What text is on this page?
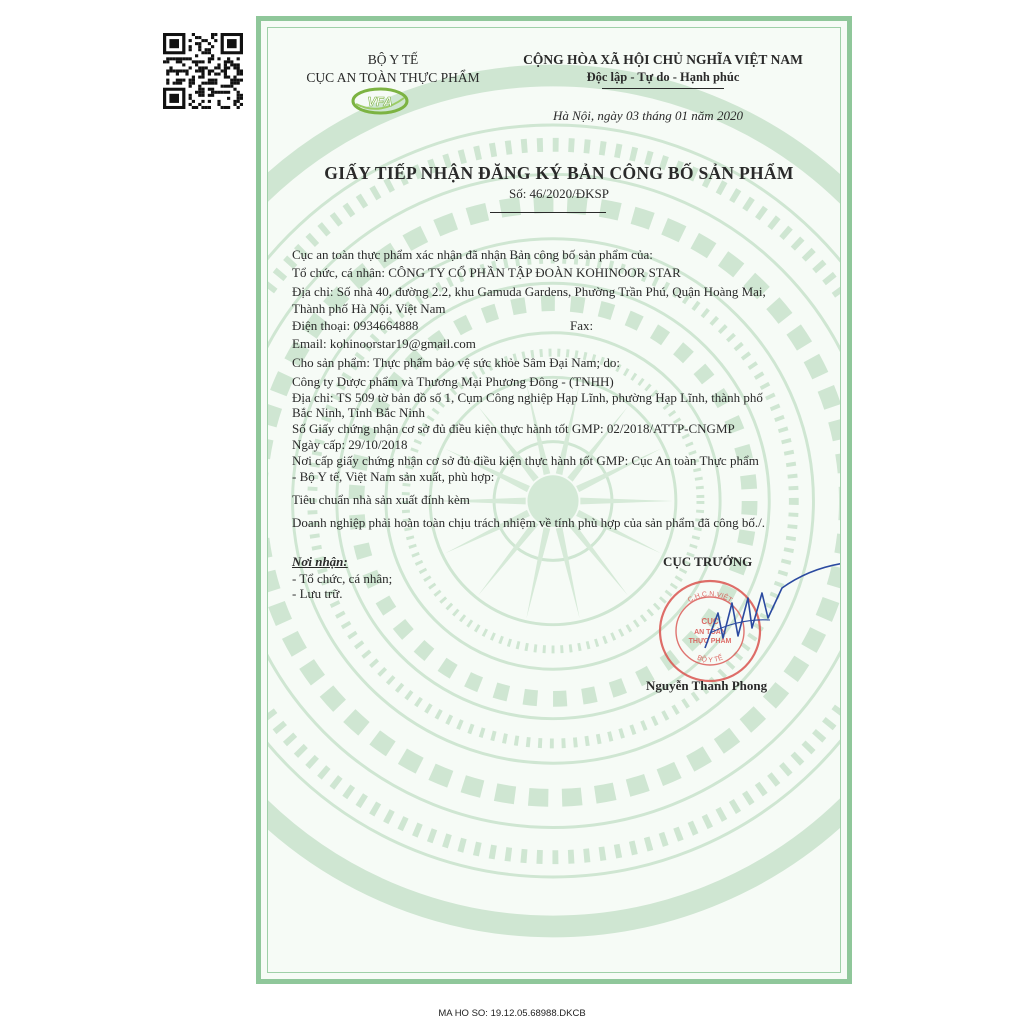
BỘ Y TẾ
CỤC AN TOÀN THỰC PHẨM
VFA
CỘNG HÒA XÃ HỘI CHỦ NGHĨA VIỆT NAM
Độc lập - Tự do - Hạnh phúc
Hà Nội, ngày 03 tháng 01 năm 2020
GIẤY TIẾP NHẬN ĐĂNG KÝ BẢN CÔNG BỐ SẢN PHẨM
Số: 46/2020/ĐKSP
Cục an toàn thực phẩm xác nhận đã nhận Bản công bố sản phẩm của:
Tổ chức, cá nhân: CÔNG TY CỔ PHẦN TẬP ĐOÀN KOHINOOR STAR
Địa chỉ: Số nhà 40, đường 2.2, khu Gamuda Gardens, Phường Trần Phú, Quận Hoàng Mai,
Thành phố Hà Nội, Việt Nam
Điện thoại: 0934664888	Fax:
Email: kohinoorstar19@gmail.com
Cho sản phẩm: Thực phẩm bảo vệ sức khỏe Sâm Đại Nam; do:
Công ty Dược phẩm và Thương Mại Phương Đông - (TNHH)
Địa chỉ: TS 509 tờ bản đồ số 1, Cụm Công nghiệp Hạp Lĩnh, phường Hạp Lĩnh, thành phố
Bắc Ninh, Tỉnh Bắc Ninh
Số Giấy chứng nhận cơ sở đủ điều kiện thực hành tốt GMP: 02/2018/ATTP-CNGMP
Ngày cấp: 29/10/2018
Nơi cấp giấy chứng nhận cơ sở đủ điều kiện thực hành tốt GMP: Cục An toàn Thực phẩm
- Bộ Y tế, Việt Nam sản xuất, phù hợp:
Tiêu chuẩn nhà sản xuất đính kèm
Doanh nghiệp phải hoàn toàn chịu trách nhiệm về tính phù hợp của sản phẩm đã công bố./.
Nơi nhận:
- Tổ chức, cá nhân;
- Lưu trữ.
CỤC TRƯỞNG
C.H.C.N.VIỆT
BỘ Y TẾ
CỤC
AN TOÀN
THỰC PHẨM
Nguyễn Thanh Phong
MA HO SO: 19.12.05.68988.DKCB
